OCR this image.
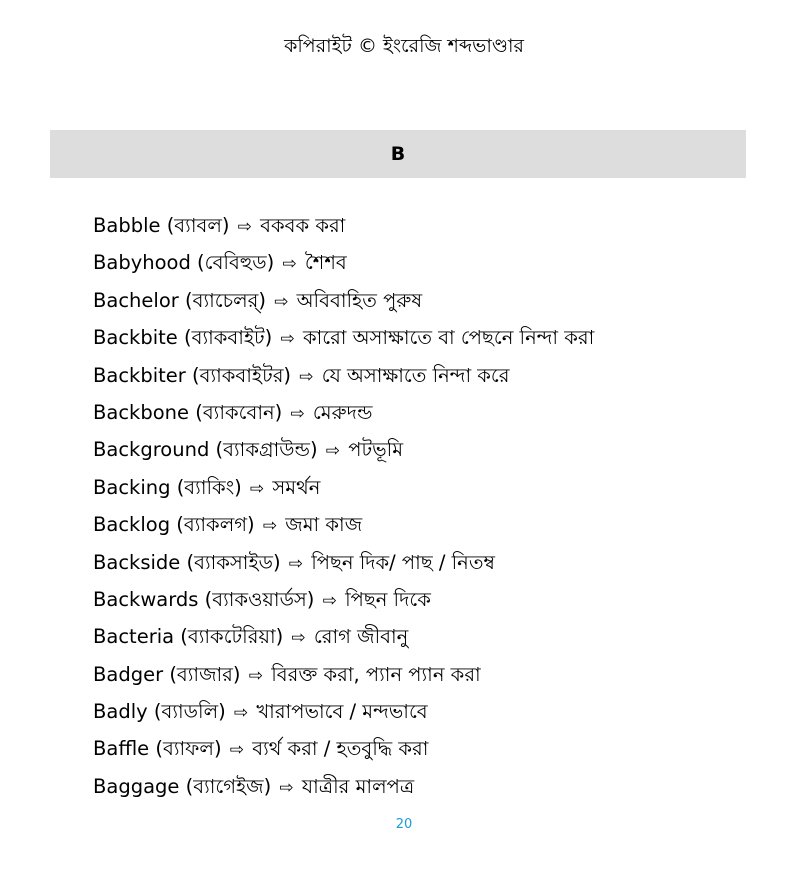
কপিরাইট © ইংরেজি শব্দভাণ্ডার
B
Babble (ব্যাবল) ⇨ বকবক করা
Babyhood (বেবিহুড) ⇨ শৈশব
Bachelor (ব্যাচেলর্) ⇨ অবিবাহিত পুরুষ
Backbite (ব্যাকবাইট) ⇨ কারো অসাক্ষাতে বা পেছনে নিন্দা করা
Backbiter (ব্যাকবাইটর) ⇨ যে অসাক্ষাতে নিন্দা করে
Backbone (ব্যাকবোন) ⇨ মেরুদন্ড
Background (ব্যাকগ্রাউন্ড) ⇨ পটভূমি
Backing (ব্যাকিং) ⇨ সমর্থন
Backlog (ব্যাকলগ) ⇨ জমা কাজ
Backside (ব্যাকসাইড) ⇨ পিছন দিক/ পাছ / নিতম্ব
Backwards (ব্যাকওয়ার্ডস) ⇨ পিছন দিকে
Bacteria (ব্যাকটেরিয়া) ⇨ রোগ জীবানু
Badger (ব্যাজার) ⇨ বিরক্ত করা, প্যান প্যান করা
Badly (ব্যাডলি) ⇨ খারাপভাবে / মন্দভাবে
Baffle (ব্যাফল) ⇨ ব্যর্থ করা / হতবুদ্ধি করা
Baggage (ব্যাগেইজ) ⇨ যাত্রীর মালপত্র
20
